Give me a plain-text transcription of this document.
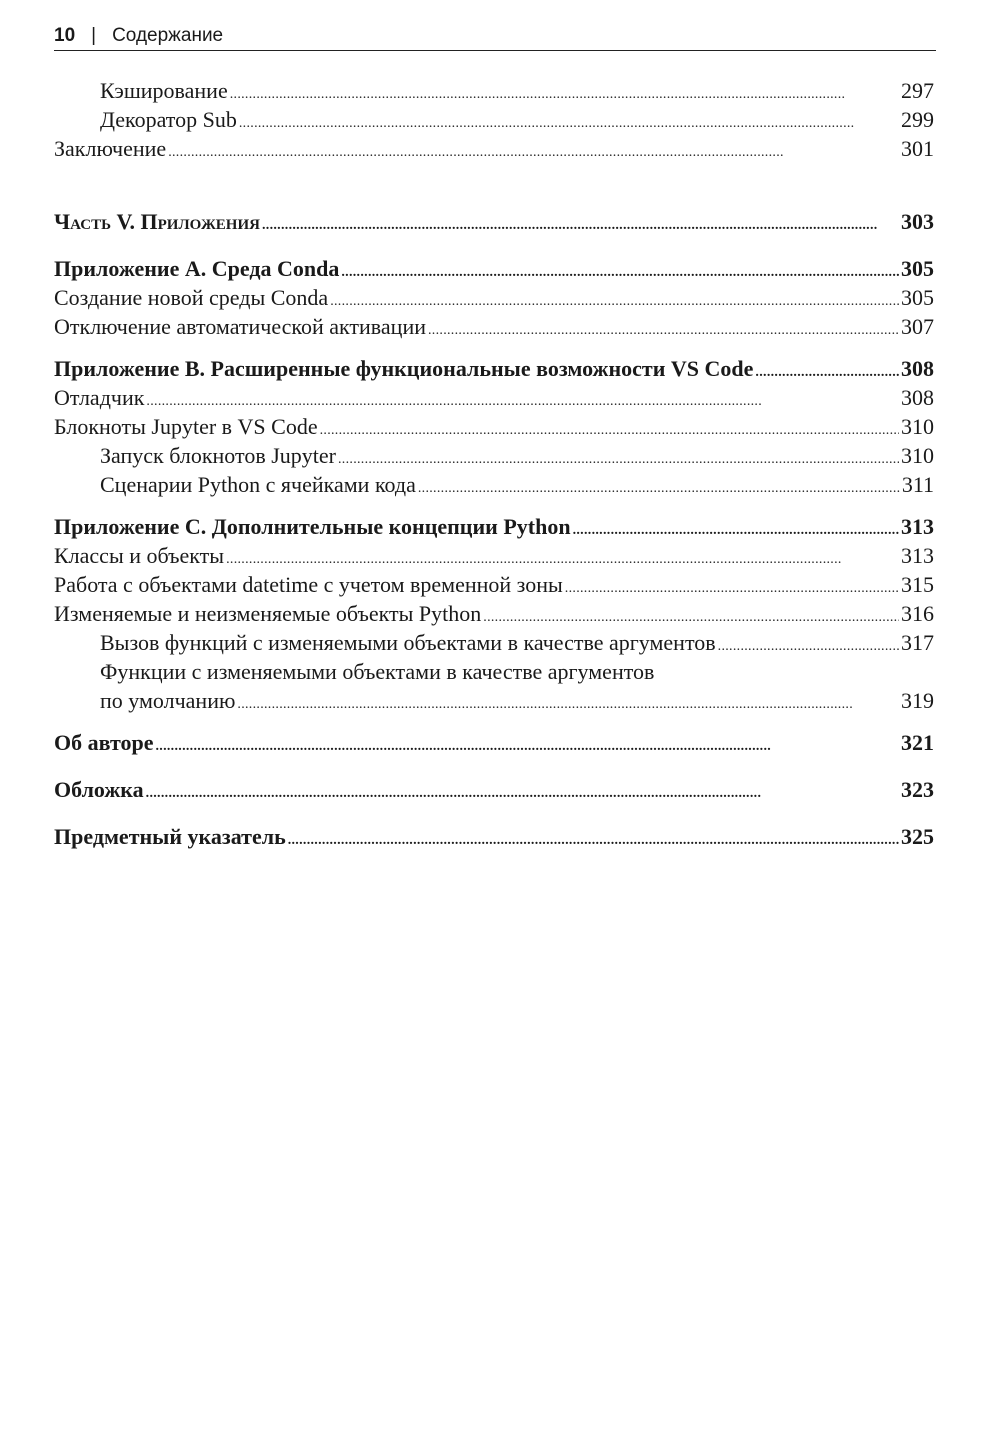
10 | Содержание
Кэширование . . .	297
Декоратор Sub . . .	299
Заключение . . .	301
Часть V. Приложения . . .	303
Приложение A. Среда Conda . . .	305
Создание новой среды Conda . . .	305
Отключение автоматической активации . . .	307
Приложение B. Расширенные функциональные возможности VS Code . . .	308
Отладчик . . .	308
Блокноты Jupyter в VS Code . . .	310
Запуск блокнотов Jupyter . . .	310
Сценарии Python с ячейками кода . . .	311
Приложение C. Дополнительные концепции Python . . .	313
Классы и объекты . . .	313
Работа с объектами datetime с учетом временной зоны . . .	315
Изменяемые и неизменяемые объекты Python . . .	316
Вызов функций с изменяемыми объектами в качестве аргументов . . .	317
Функции с изменяемыми объектами в качестве аргументов
по умолчанию . . .	319
Об авторе . . .	321
Обложка . . .	323
Предметный указатель . . .	325
